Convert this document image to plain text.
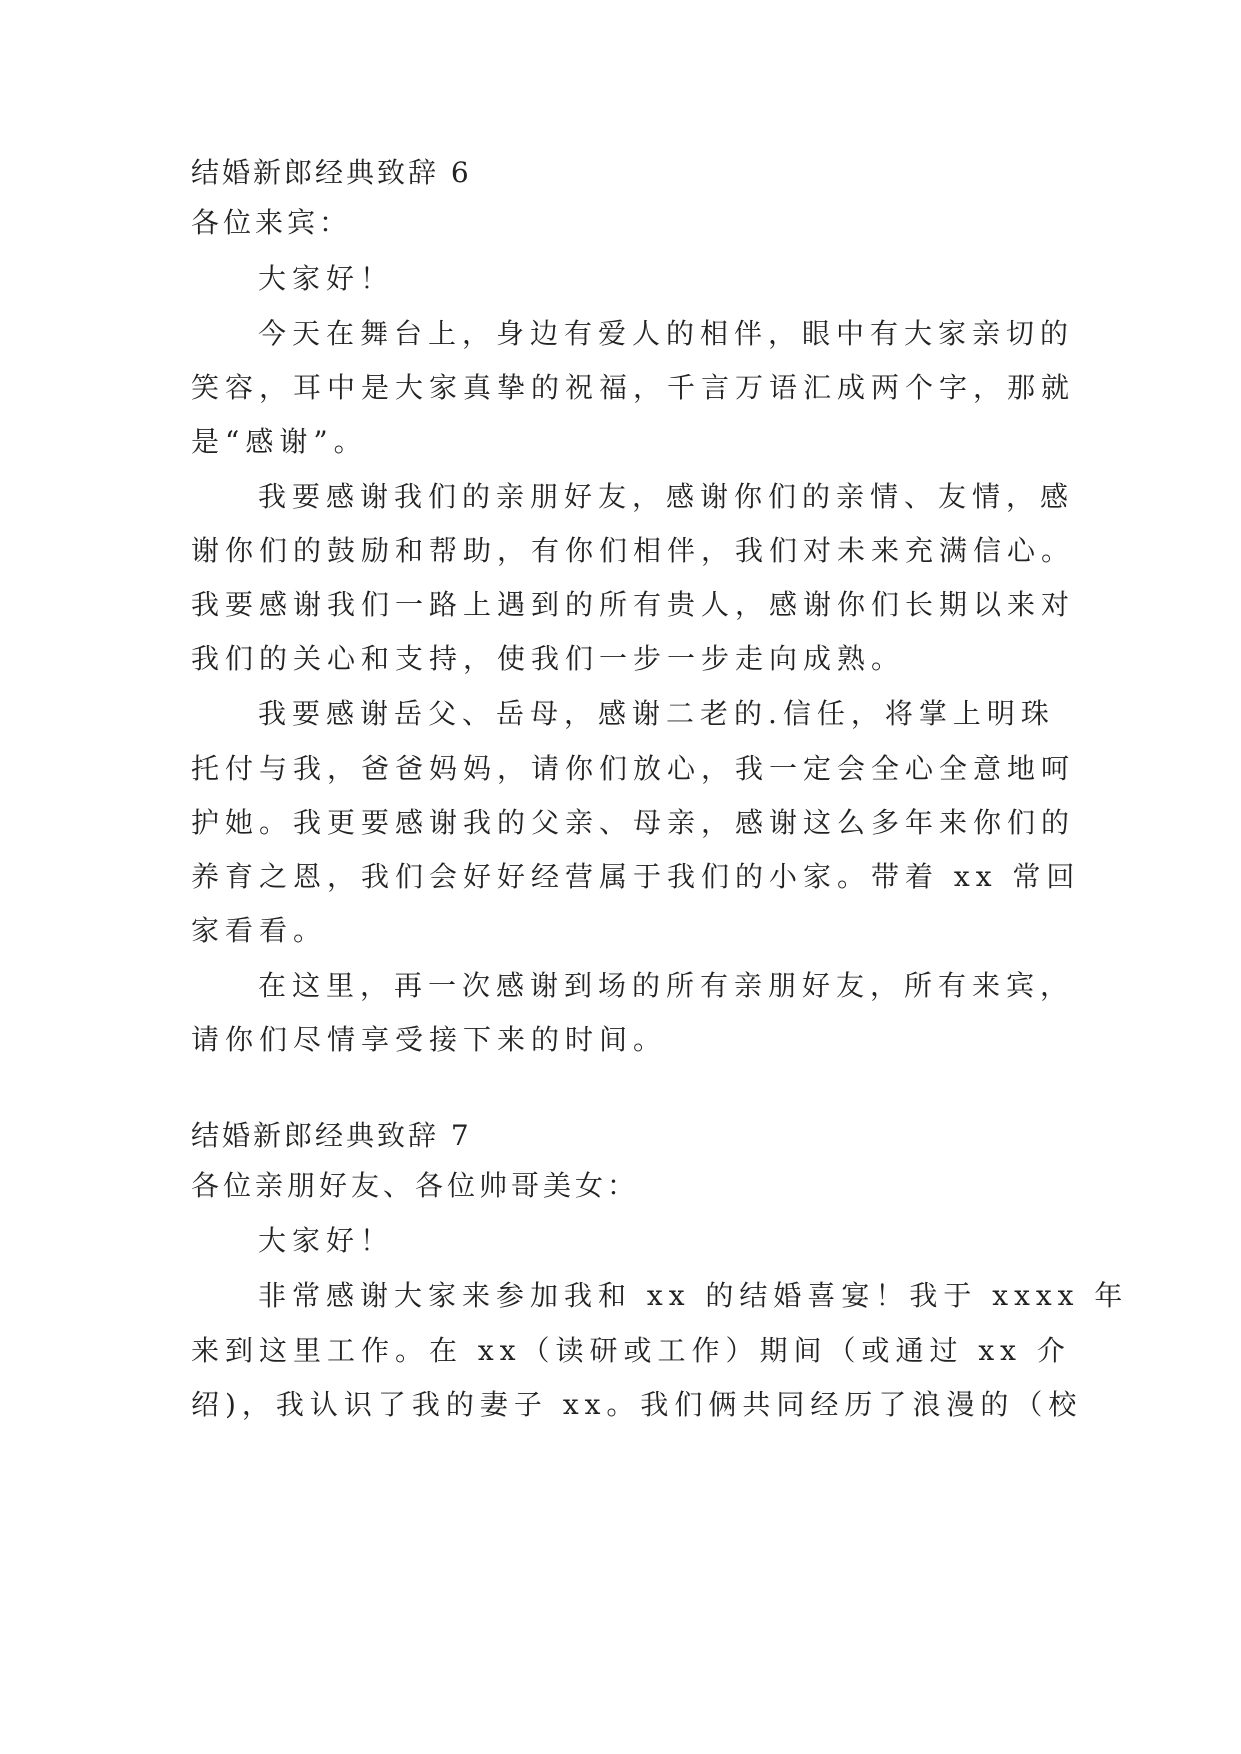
结婚新郎经典致辞 6
各位来宾：
大家好！
今天在舞台上，身边有爱人的相伴，眼中有大家亲切的
笑容，耳中是大家真挚的祝福，千言万语汇成两个字，那就
是“感谢”。
我要感谢我们的亲朋好友，感谢你们的亲情、友情，感
谢你们的鼓励和帮助，有你们相伴，我们对未来充满信心。
我要感谢我们一路上遇到的所有贵人，感谢你们长期以来对
我们的关心和支持，使我们一步一步走向成熟。
我要感谢岳父、岳母，感谢二老的.信任，将掌上明珠
托付与我，爸爸妈妈，请你们放心，我一定会全心全意地呵
护她。我更要感谢我的父亲、母亲，感谢这么多年来你们的
养育之恩，我们会好好经营属于我们的小家。带着 xx 常回
家看看。
在这里，再一次感谢到场的所有亲朋好友，所有来宾，
请你们尽情享受接下来的时间。
结婚新郎经典致辞 7
各位亲朋好友、各位帅哥美女：
大家好！
非常感谢大家来参加我和 xx 的结婚喜宴！我于 xxxx 年
来到这里工作。在 xx（读研或工作）期间（或通过 xx 介
绍)，我认识了我的妻子 xx。我们俩共同经历了浪漫的（校
